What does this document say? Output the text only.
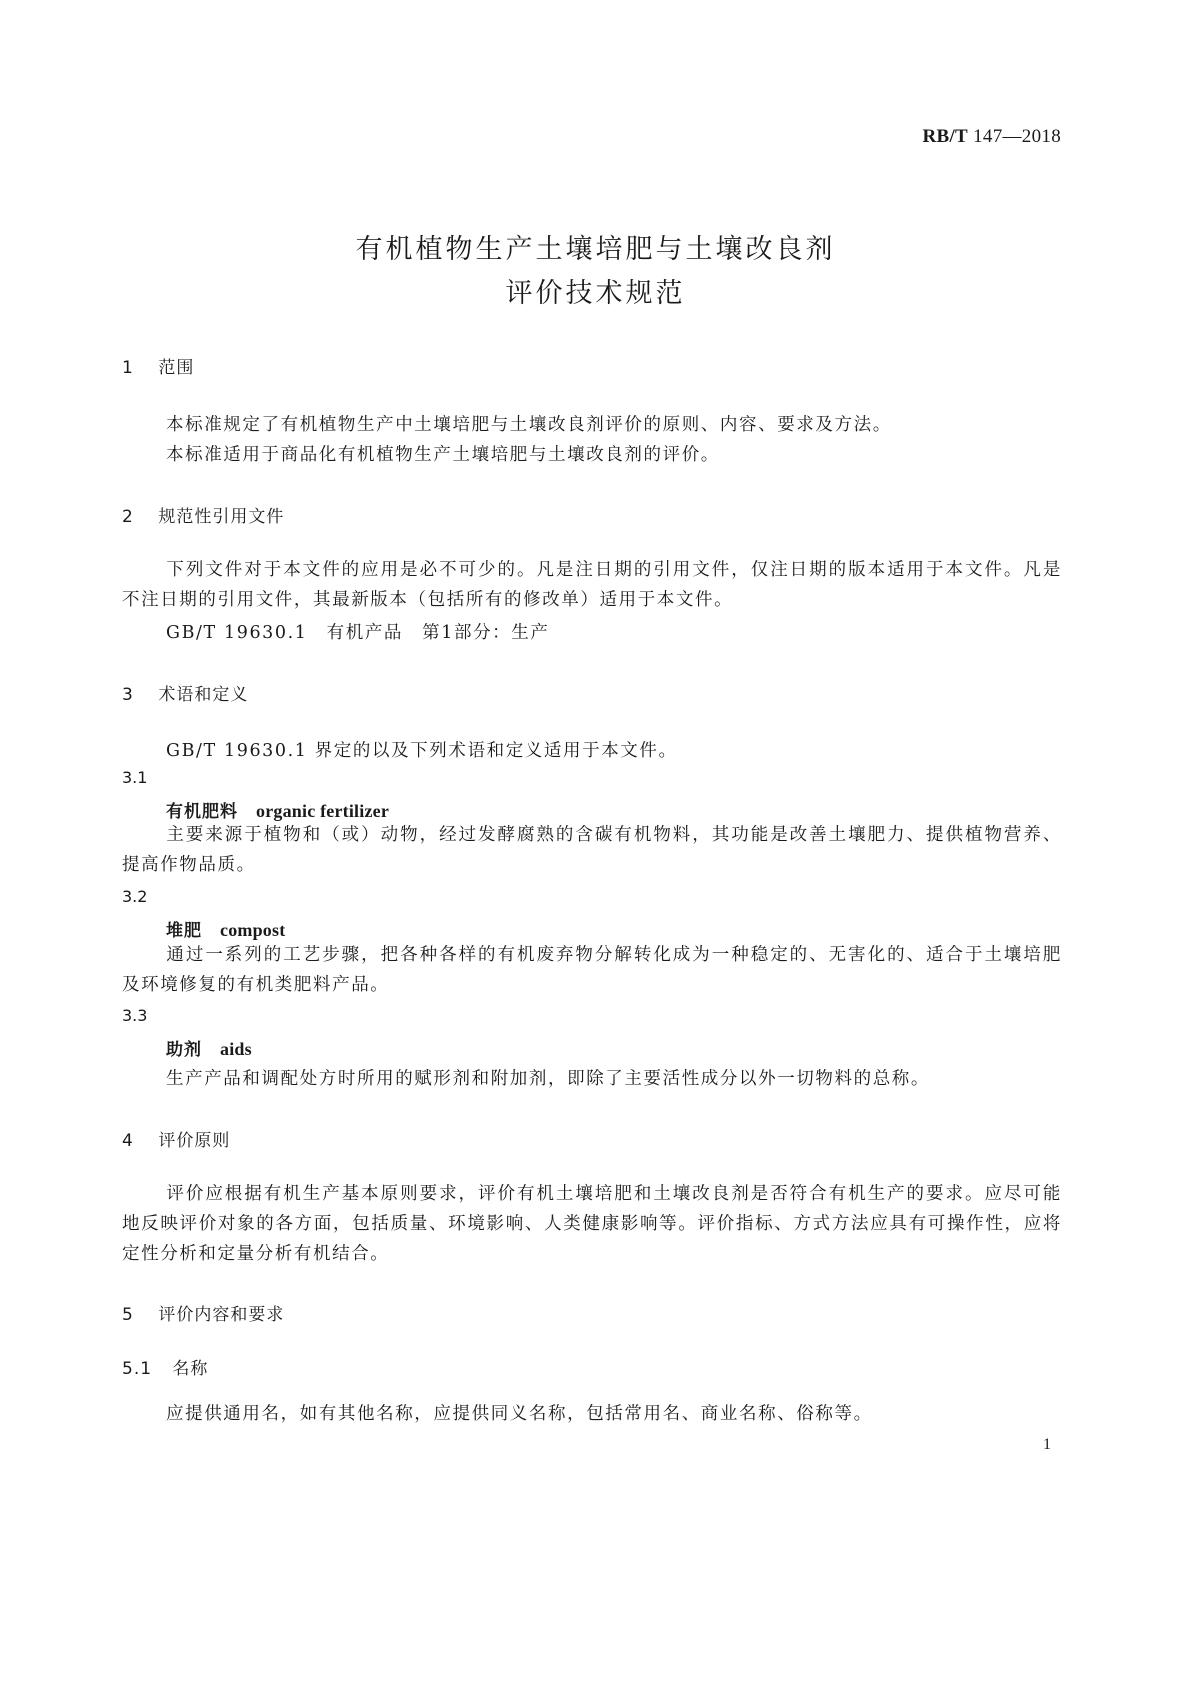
RB/T 147—2018
有机植物生产土壤培肥与土壤改良剂
评价技术规范
1 范围
本标准规定了有机植物生产中土壤培肥与土壤改良剂评价的原则、内容、要求及方法。
本标准适用于商品化有机植物生产土壤培肥与土壤改良剂的评价。
2 规范性引用文件
下列文件对于本文件的应用是必不可少的。凡是注日期的引用文件，仅注日期的版本适用于本文件。凡是不注日期的引用文件，其最新版本（包括所有的修改单）适用于本文件。
GB/T 19630.1　有机产品　第1部分：生产
3 术语和定义
GB/T 19630.1 界定的以及下列术语和定义适用于本文件。
3.1
有机肥料 organic fertilizer
主要来源于植物和（或）动物，经过发酵腐熟的含碳有机物料，其功能是改善土壤肥力、提供植物营养、提高作物品质。
3.2
堆肥 compost
通过一系列的工艺步骤，把各种各样的有机废弃物分解转化成为一种稳定的、无害化的、适合于土壤培肥及环境修复的有机类肥料产品。
3.3
助剂 aids
生产产品和调配处方时所用的赋形剂和附加剂，即除了主要活性成分以外一切物料的总称。
4 评价原则
评价应根据有机生产基本原则要求，评价有机土壤培肥和土壤改良剂是否符合有机生产的要求。应尽可能地反映评价对象的各方面，包括质量、环境影响、人类健康影响等。评价指标、方式方法应具有可操作性，应将定性分析和定量分析有机结合。
5 评价内容和要求
5.1 名称
应提供通用名，如有其他名称，应提供同义名称，包括常用名、商业名称、俗称等。
1
